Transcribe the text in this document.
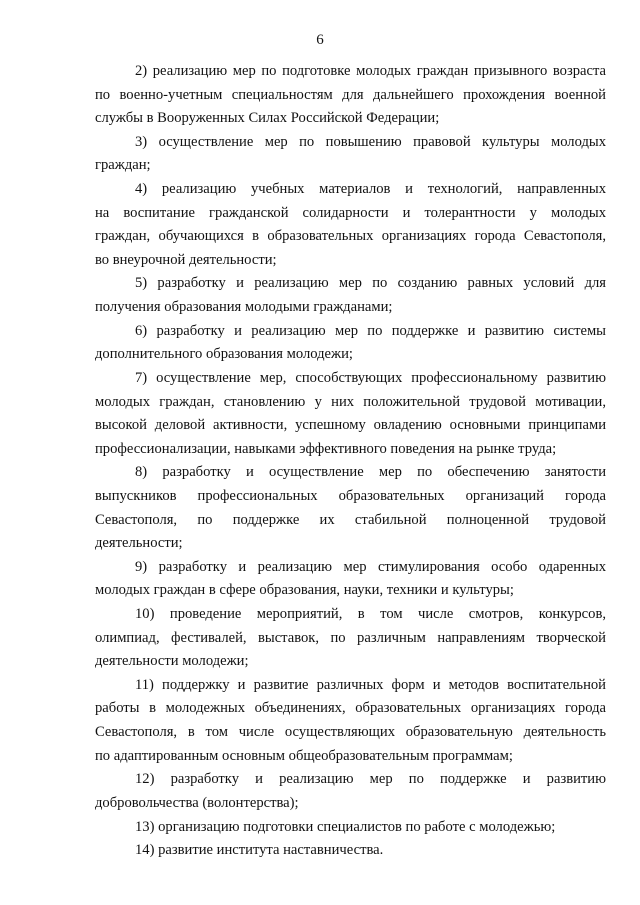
6
2) реализацию мер по подготовке молодых граждан призывного возраста
по военно-учетным специальностям для дальнейшего прохождения военной
службы в Вооруженных Силах Российской Федерации;
3) осуществление мер по повышению правовой культуры молодых
граждан;
4) реализацию учебных материалов и технологий, направленных
на воспитание гражданской солидарности и толерантности у молодых
граждан, обучающихся в образовательных организациях города Севастополя,
во внеурочной деятельности;
5) разработку и реализацию мер по созданию равных условий для
получения образования молодыми гражданами;
6) разработку и реализацию мер по поддержке и развитию системы
дополнительного образования молодежи;
7) осуществление мер, способствующих профессиональному развитию
молодых граждан, становлению у них положительной трудовой мотивации,
высокой деловой активности, успешному овладению основными принципами
профессионализации, навыками эффективного поведения на рынке труда;
8) разработку и осуществление мер по обеспечению занятости
выпускников профессиональных образовательных организаций города
Севастополя, по поддержке их стабильной полноценной трудовой
деятельности;
9) разработку и реализацию мер стимулирования особо одаренных
молодых граждан в сфере образования, науки, техники и культуры;
10) проведение мероприятий, в том числе смотров, конкурсов,
олимпиад, фестивалей, выставок, по различным направлениям творческой
деятельности молодежи;
11) поддержку и развитие различных форм и методов воспитательной
работы в молодежных объединениях, образовательных организациях города
Севастополя, в том числе осуществляющих образовательную деятельность
по адаптированным основным общеобразовательным программам;
12) разработку и реализацию мер по поддержке и развитию
добровольчества (волонтерства);
13) организацию подготовки специалистов по работе с молодежью;
14) развитие института наставничества.
